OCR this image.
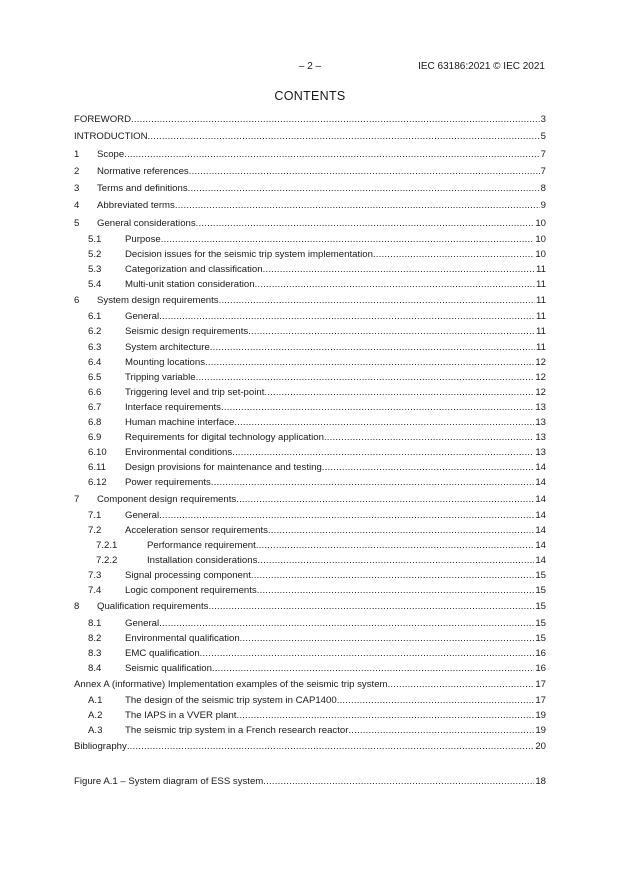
– 2 –	IEC 63186:2021 © IEC 2021
CONTENTS
FOREWORD .....	3
INTRODUCTION .....	5
1	Scope .....	7
2	Normative references .....	7
3	Terms and definitions .....	8
4	Abbreviated terms .....	9
5	General considerations .....	10
5.1	Purpose .....	10
5.2	Decision issues for the seismic trip system implementation .....	10
5.3	Categorization and classification .....	11
5.4	Multi-unit station consideration .....	11
6	System design requirements .....	11
6.1	General .....	11
6.2	Seismic design requirements .....	11
6.3	System architecture .....	11
6.4	Mounting locations .....	12
6.5	Tripping variable .....	12
6.6	Triggering level and trip set-point .....	12
6.7	Interface requirements .....	13
6.8	Human machine interface .....	13
6.9	Requirements for digital technology application .....	13
6.10	Environmental conditions .....	13
6.11	Design provisions for maintenance and testing .....	14
6.12	Power requirements .....	14
7	Component design requirements .....	14
7.1	General .....	14
7.2	Acceleration sensor requirements .....	14
7.2.1	Performance requirement .....	14
7.2.2	Installation considerations .....	14
7.3	Signal processing component .....	15
7.4	Logic component requirements .....	15
8	Qualification requirements .....	15
8.1	General .....	15
8.2	Environmental qualification .....	15
8.3	EMC qualification .....	16
8.4	Seismic qualification .....	16
Annex A (informative) Implementation examples of the seismic trip system .....	17
A.1	The design of the seismic trip system in CAP1400 .....	17
A.2	The IAPS in a VVER plant .....	19
A.3	The seismic trip system in a French research reactor .....	19
Bibliography .....	20
Figure A.1 – System diagram of ESS system .....	18
